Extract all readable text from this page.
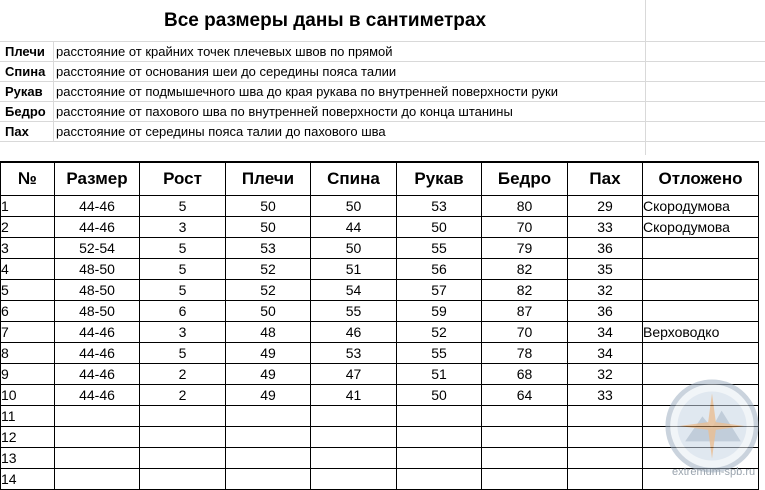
Все размеры даны в сантиметрах
Плечи расстояние от крайних точек плечевых швов по прямой
Спина расстояние от основания шеи до середины пояса талии
Рукав расстояние от подмышечного шва до края рукава по внутренней поверхности руки
Бедро расстояние от пахового шва по внутренней поверхности до конца штанины
Пах расстояние от середины пояса талии до пахового шва
№	Размер	Рост	Плечи	Спина	Рукав	Бедро	Пах	Отложено
1	44-46	5	50	50	53	80	29	Скородумова
2	44-46	3	50	44	50	70	33	Скородумова
3	52-54	5	53	50	55	79	36	
4	48-50	5	52	51	56	82	35	
5	48-50	5	52	54	57	82	32	
6	48-50	6	50	55	59	87	36	
7	44-46	3	48	46	52	70	34	Верховодко
8	44-46	5	49	53	55	78	34	
9	44-46	2	49	47	51	68	32	
10	44-46	2	49	41	50	64	33	
11								
12								
13								
14									extremum-spb.ru
